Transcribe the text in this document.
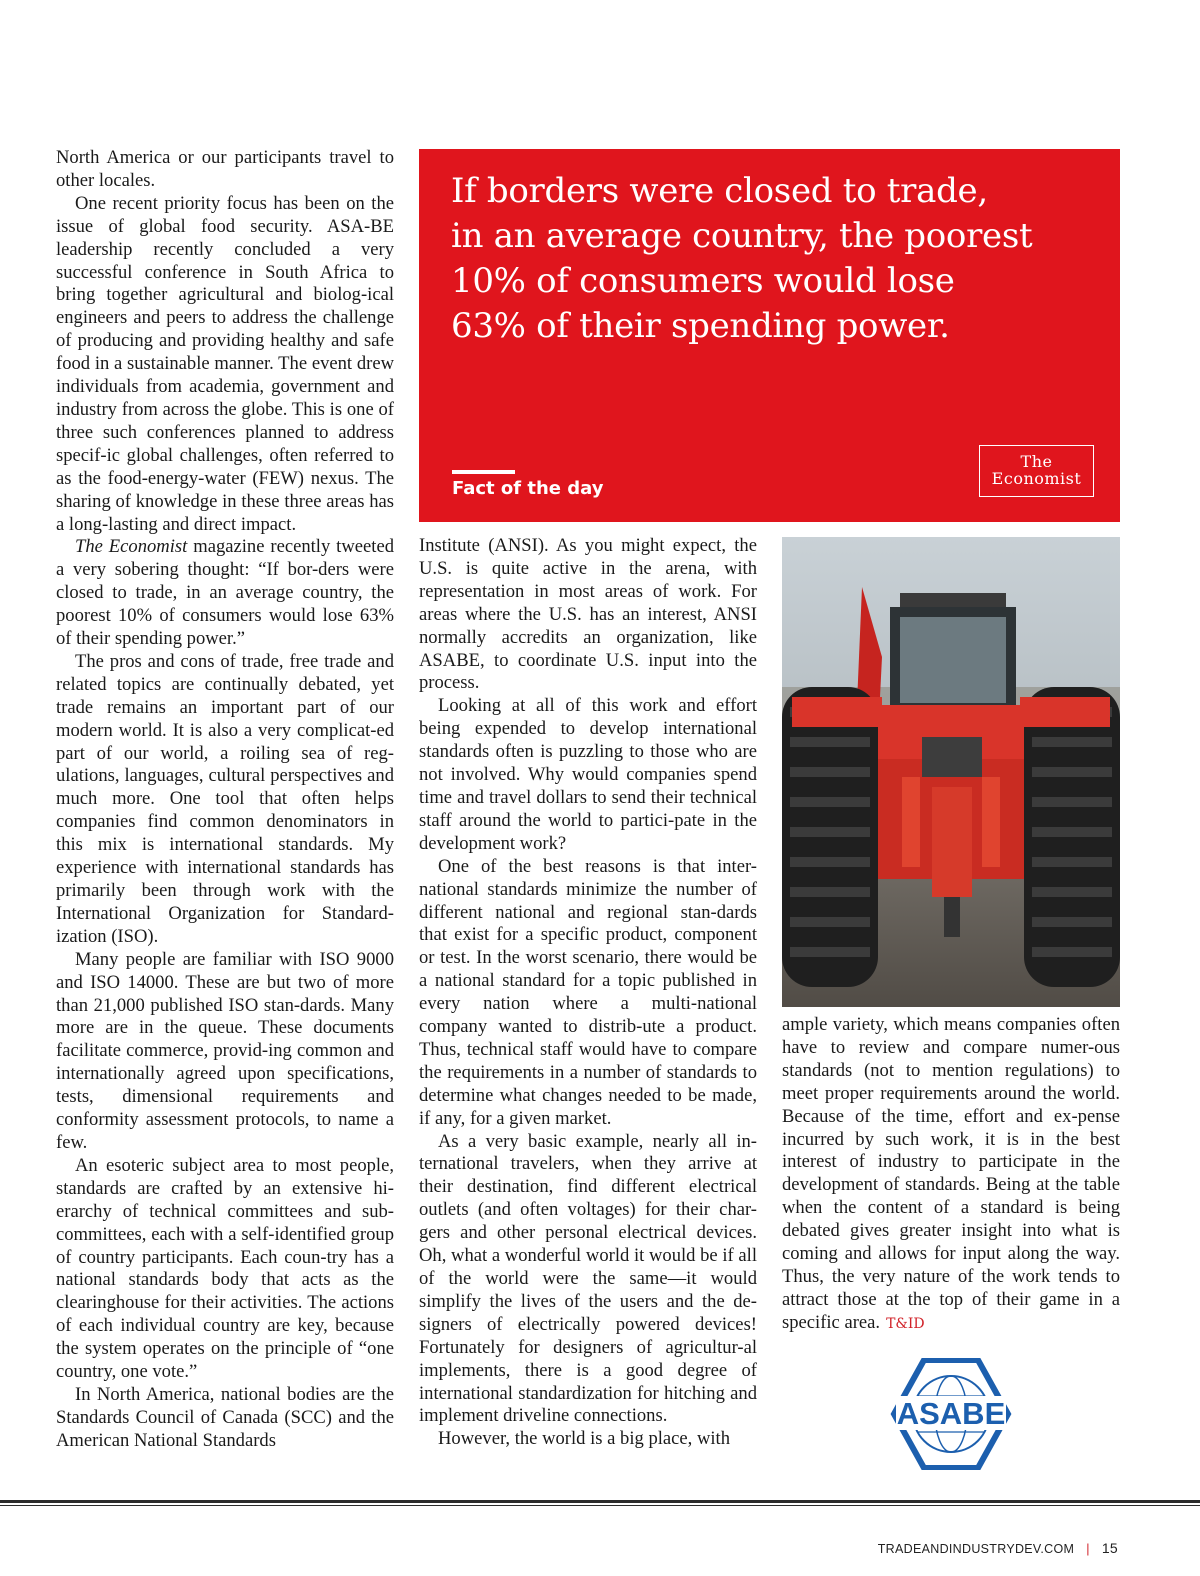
North America or our participants travel to other locales.

One recent priority focus has been on the issue of global food security. ASA-BE leadership recently concluded a very successful conference in South Africa to bring together agricultural and biolog-ical engineers and peers to address the challenge of producing and providing healthy and safe food in a sustainable manner. The event drew individuals from academia, government and industry from across the globe. This is one of three such conferences planned to address specif-ic global challenges, often referred to as the food-energy-water (FEW) nexus. The sharing of knowledge in these three areas has a long-lasting and direct impact.

The Economist magazine recently tweeted a very sobering thought: “If bor-ders were closed to trade, in an average country, the poorest 10% of consumers would lose 63% of their spending power.”

The pros and cons of trade, free trade and related topics are continually debated, yet trade remains an important part of our modern world. It is also a very complicat-ed part of our world, a roiling sea of reg-ulations, languages, cultural perspectives and much more. One tool that often helps companies find common denominators in this mix is international standards. My experience with international standards has primarily been through work with the International Organization for Standard-ization (ISO).

Many people are familiar with ISO 9000 and ISO 14000. These are but two of more than 21,000 published ISO stan-dards. Many more are in the queue. These documents facilitate commerce, provid-ing common and internationally agreed upon specifications, tests, dimensional requirements and conformity assessment protocols, to name a few.

An esoteric subject area to most people, standards are crafted by an extensive hi-erarchy of technical committees and sub-committees, each with a self-identified group of country participants. Each coun-try has a national standards body that acts as the clearinghouse for their activities. The actions of each individual country are key, because the system operates on the principle of “one country, one vote.”

In North America, national bodies are the Standards Council of Canada (SCC) and the American National Standards

If borders were closed to trade,
in an average country, the poorest
10% of consumers would lose
63% of their spending power.
Fact of the day
The
Economist

Institute (ANSI). As you might expect, the U.S. is quite active in the arena, with representation in most areas of work. For areas where the U.S. has an interest, ANSI normally accredits an organization, like ASABE, to coordinate U.S. input into the process.

Looking at all of this work and effort being expended to develop international standards often is puzzling to those who are not involved. Why would companies spend time and travel dollars to send their technical staff around the world to partici-pate in the development work?

One of the best reasons is that inter-national standards minimize the number of different national and regional stan-dards that exist for a specific product, component or test. In the worst scenario, there would be a national standard for a topic published in every nation where a multi-national company wanted to distrib-ute a product. Thus, technical staff would have to compare the requirements in a number of standards to determine what changes needed to be made, if any, for a given market.

As a very basic example, nearly all in-ternational travelers, when they arrive at their destination, find different electrical outlets (and often voltages) for their char-gers and other personal electrical devices. Oh, what a wonderful world it would be if all of the world were the same—it would simplify the lives of the users and the de-signers of electrically powered devices! Fortunately for designers of agricultur-al implements, there is a good degree of international standardization for hitching and implement driveline connections.

However, the world is a big place, with

ample variety, which means companies often have to review and compare numer-ous standards (not to mention regulations) to meet proper requirements around the world. Because of the time, effort and ex-pense incurred by such work, it is in the best interest of industry to participate in the development of standards. Being at the table when the content of a standard is being debated gives greater insight into what is coming and allows for input along the way. Thus, the very nature of the work tends to attract those at the top of their game in a specific area. T&ID

ASABE
TRADEANDINDUSTRYDEV.COM | 15
